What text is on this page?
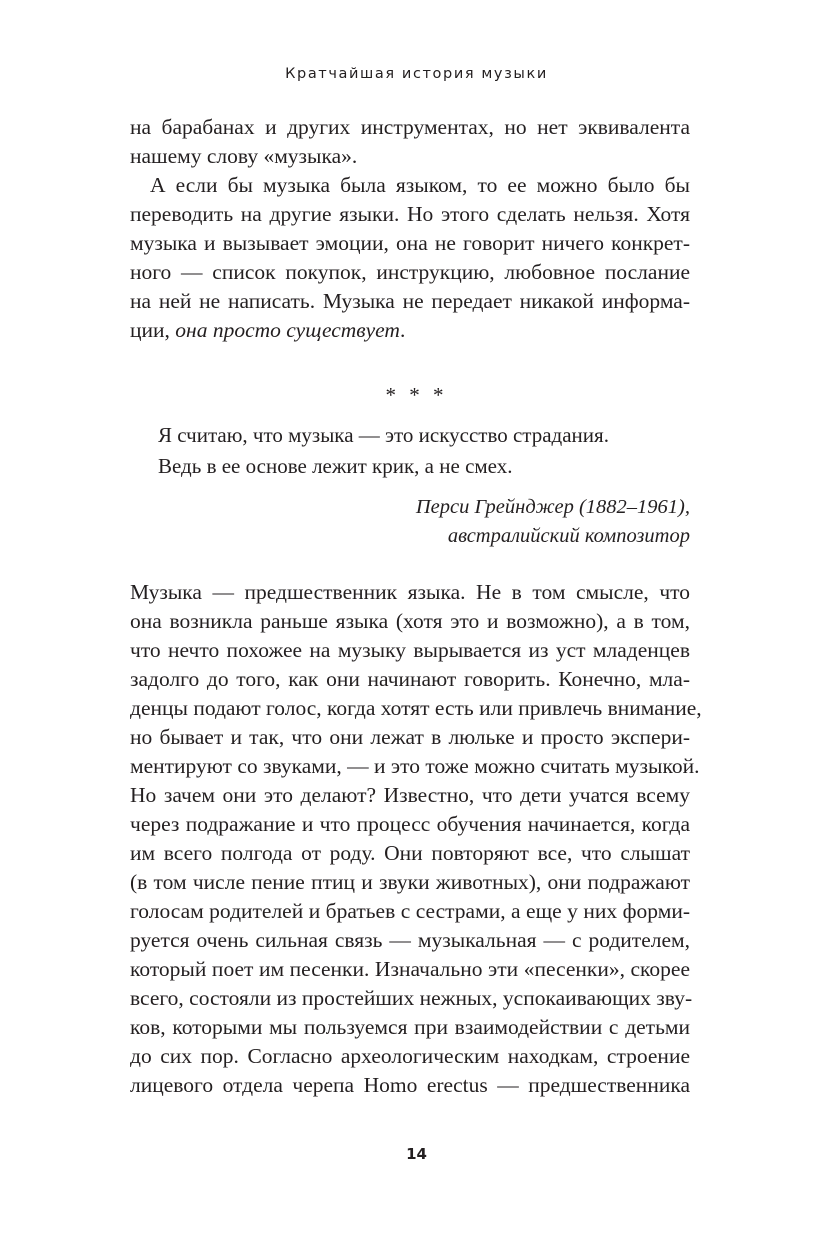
Кратчайшая история музыки
на барабанах и других инструментах, но нет эквивалента
нашему слову «музыка».
А если бы музыка была языком, то ее можно было бы
переводить на другие языки. Но этого сделать нельзя. Хотя
музыка и вызывает эмоции, она не говорит ничего конкрет-
ного — список покупок, инструкцию, любовное послание
на ней не написать. Музыка не передает никакой информа-
ции, она просто существует.
* * *
Я считаю, что музыка — это искусство страдания.
Ведь в ее основе лежит крик, а не смех.
Перси Грейнджер (1882–1961),
австралийский композитор
Музыка — предшественник языка. Не в том смысле, что
она возникла раньше языка (хотя это и возможно), а в том,
что нечто похожее на музыку вырывается из уст младенцев
задолго до того, как они начинают говорить. Конечно, мла-
денцы подают голос, когда хотят есть или привлечь внимание,
но бывает и так, что они лежат в люльке и просто экспери-
ментируют со звуками, — и это тоже можно считать музыкой.
Но зачем они это делают? Известно, что дети учатся всему
через подражание и что процесс обучения начинается, когда
им всего полгода от роду. Они повторяют все, что слышат
(в том числе пение птиц и звуки животных), они подражают
голосам родителей и братьев с сестрами, а еще у них форми-
руется очень сильная связь — музыкальная — с родителем,
который поет им песенки. Изначально эти «песенки», скорее
всего, состояли из простейших нежных, успокаивающих зву-
ков, которыми мы пользуемся при взаимодействии с детьми
до сих пор. Согласно археологическим находкам, строение
лицевого отдела черепа Homo erectus — предшественника
14
